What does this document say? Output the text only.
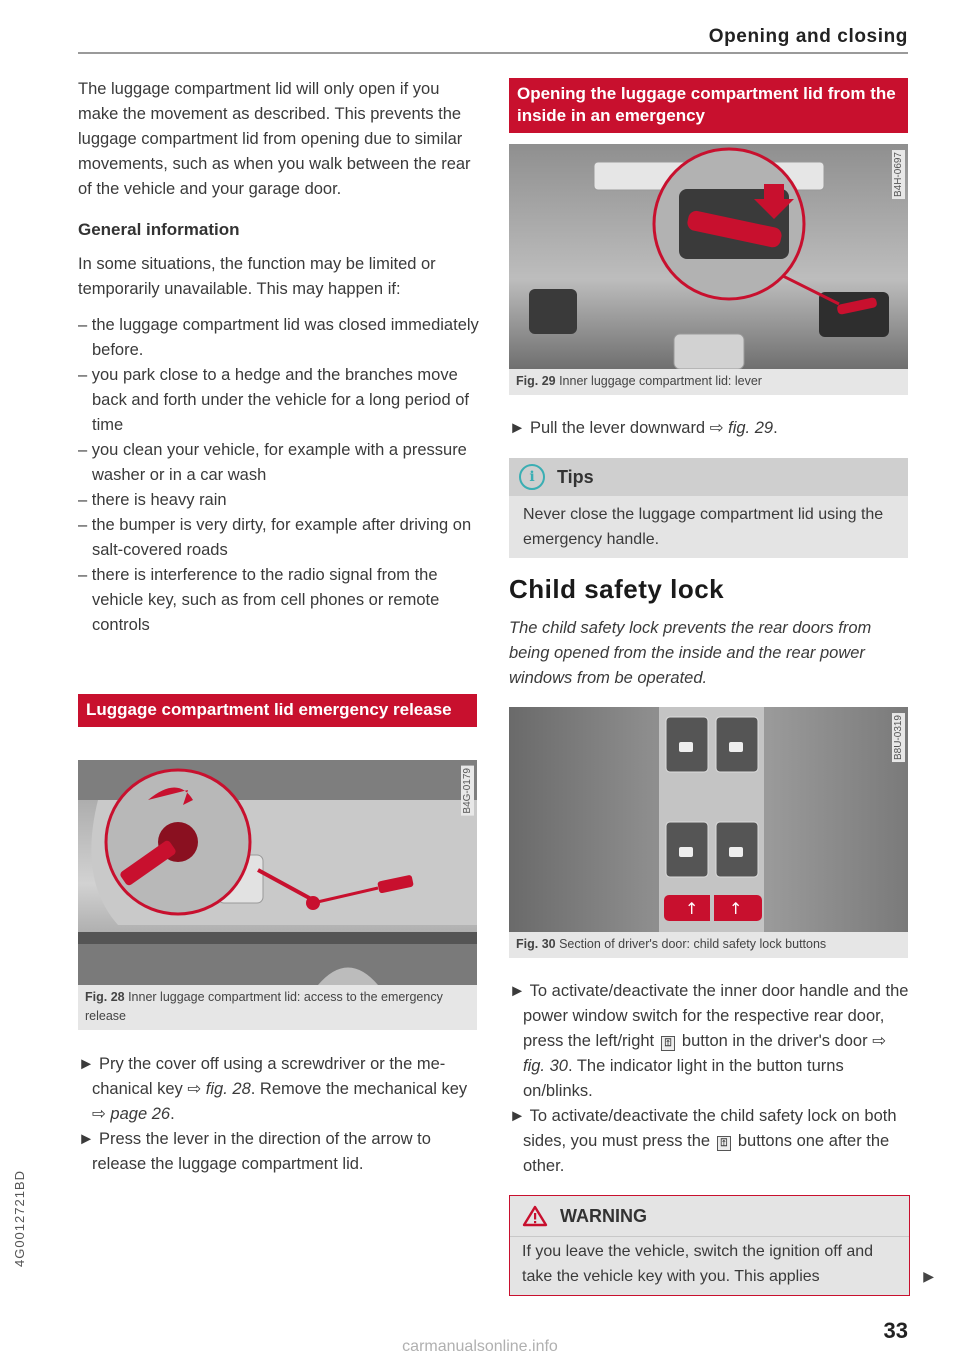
Opening and closing

The luggage compartment lid will only open if you make the movement as described. This prevents the luggage compartment lid from opening due to similar movements, such as when you walk between the rear of the vehicle and your garage door.

General information

In some situations, the function may be limited or temporarily unavailable. This may happen if:

– the luggage compartment lid was closed immediately before.
– you park close to a hedge and the branches move back and forth under the vehicle for a long period of time
– you clean your vehicle, for example with a pressure washer or in a car wash
– there is heavy rain
– the bumper is very dirty, for example after driving on salt-covered roads
– there is interference to the radio signal from the vehicle key, such as from cell phones or remote controls
Luggage compartment lid emergency release
B4G-0179
Fig. 28 Inner luggage compartment lid: access to the emergency release

► Pry the cover off using a screwdriver or the mechanical key ⇨ fig. 28. Remove the mechanical key ⇨ page 26.

► Press the lever in the direction of the arrow to release the luggage compartment lid.

Opening the luggage compartment lid from the inside in an emergency
B4H-0697
Fig. 29 Inner luggage compartment lid: lever

► Pull the lever downward ⇨ fig. 29.

i	Tips
Never close the luggage compartment lid using the emergency handle.
Child safety lock
The child safety lock prevents the rear doors from being opened from the inside and the rear power windows from be operated.
↑ ↑
B8U-0319
Fig. 30 Section of driver's door: child safety lock buttons

► To activate/deactivate the inner door handle and the power window switch for the respective rear door, press the left/right ⍐ button in the driver's door ⇨ fig. 30. The indicator light in the button turns on/blinks.

► To activate/deactivate the child safety lock on both sides, you must press the ⍐ buttons one after the other.

WARNING
If you leave the vehicle, switch the ignition off and take the vehicle key with you. This applies	▶
33
4G0012721BD
carmanualsonline.info
